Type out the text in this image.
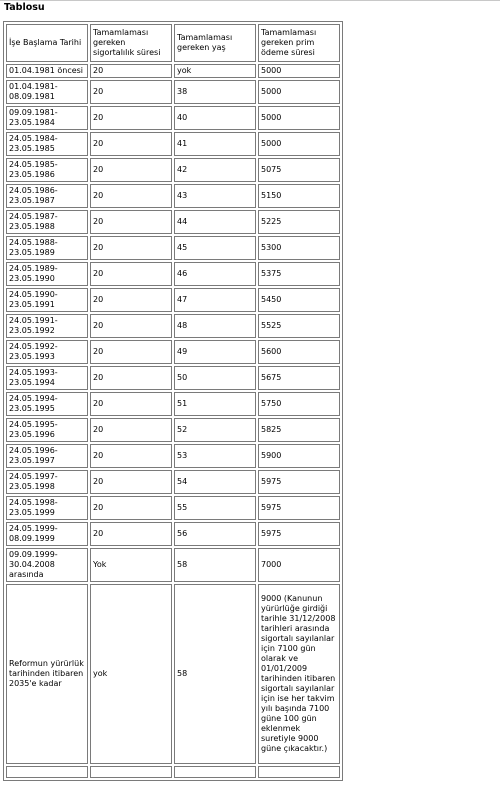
Tablosu
İşe Başlama Tarihi	Tamamlaması gereken sigortalılık süresi	Tamamlaması gereken yaş	Tamamlaması gereken prim ödeme süresi
01.04.1981 öncesi	20	yok	5000
01.04.1981-08.09.1981	20	38	5000
09.09.1981-23.05.1984	20	40	5000
24.05.1984-23.05.1985	20	41	5000
24.05.1985-23.05.1986	20	42	5075
24.05.1986-23.05.1987	20	43	5150
24.05.1987-23.05.1988	20	44	5225
24.05.1988-23.05.1989	20	45	5300
24.05.1989-23.05.1990	20	46	5375
24.05.1990-23.05.1991	20	47	5450
24.05.1991-23.05.1992	20	48	5525
24.05.1992-23.05.1993	20	49	5600
24.05.1993-23.05.1994	20	50	5675
24.05.1994-23.05.1995	20	51	5750
24.05.1995-23.05.1996	20	52	5825
24.05.1996-23.05.1997	20	53	5900
24.05.1997-23.05.1998	20	54	5975
24.05.1998-23.05.1999	20	55	5975
24.05.1999-08.09.1999	20	56	5975
09.09.1999-30.04.2008 arasında	Yok	58	7000
Reformun yürürlük tarihinden itibaren 2035'e kadar	yok	58	9000 (Kanunun yürürlüğe girdiği tarihle 31/12/2008 tarihleri arasında sigortalı sayılanlar için 7100 gün olarak ve 01/01/2009 tarihinden itibaren sigortalı sayılanlar için ise her takvim yılı başında 7100 güne 100 gün eklenmek suretiyle 9000 güne çıkacaktır.)
